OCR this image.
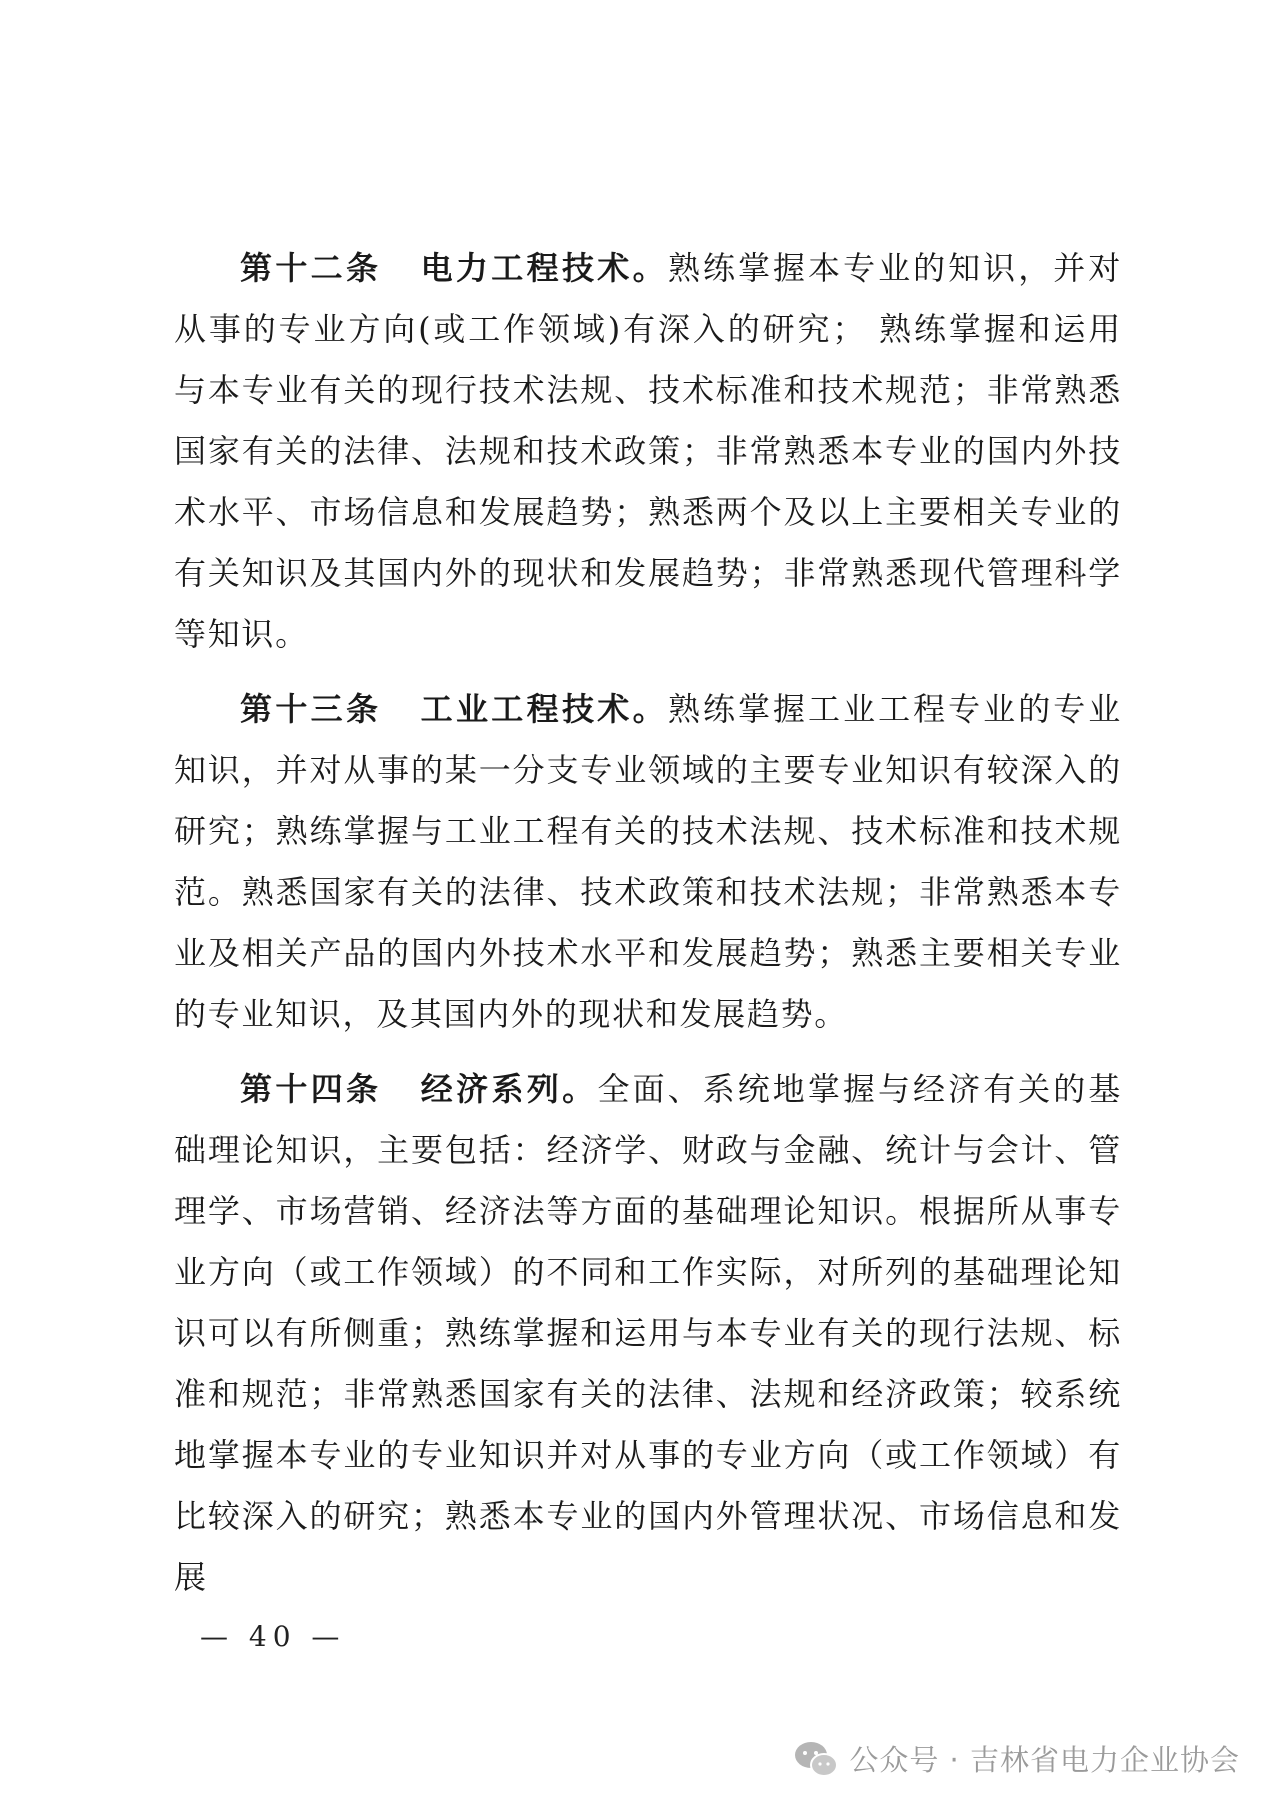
第十二条 电力工程技术。熟练掌握本专业的知识，并对从事的专业方向(或工作领域)有深入的研究； 熟练掌握和运用与本专业有关的现行技术法规、技术标准和技术规范；非常熟悉国家有关的法律、法规和技术政策；非常熟悉本专业的国内外技术水平、市场信息和发展趋势；熟悉两个及以上主要相关专业的有关知识及其国内外的现状和发展趋势；非常熟悉现代管理科学等知识。

第十三条 工业工程技术。熟练掌握工业工程专业的专业知识，并对从事的某一分支专业领域的主要专业知识有较深入的研究；熟练掌握与工业工程有关的技术法规、技术标准和技术规范。熟悉国家有关的法律、技术政策和技术法规；非常熟悉本专业及相关产品的国内外技术水平和发展趋势；熟悉主要相关专业的专业知识，及其国内外的现状和发展趋势。

第十四条 经济系列。全面、系统地掌握与经济有关的基础理论知识，主要包括：经济学、财政与金融、统计与会计、管理学、市场营销、经济法等方面的基础理论知识。根据所从事专业方向（或工作领域）的不同和工作实际，对所列的基础理论知识可以有所侧重；熟练掌握和运用与本专业有关的现行法规、标准和规范；非常熟悉国家有关的法律、法规和经济政策；较系统地掌握本专业的专业知识并对从事的专业方向（或工作领域）有比较深入的研究；熟悉本专业的国内外管理状况、市场信息和发展

— 40 —
公众号 · 吉林省电力企业协会
